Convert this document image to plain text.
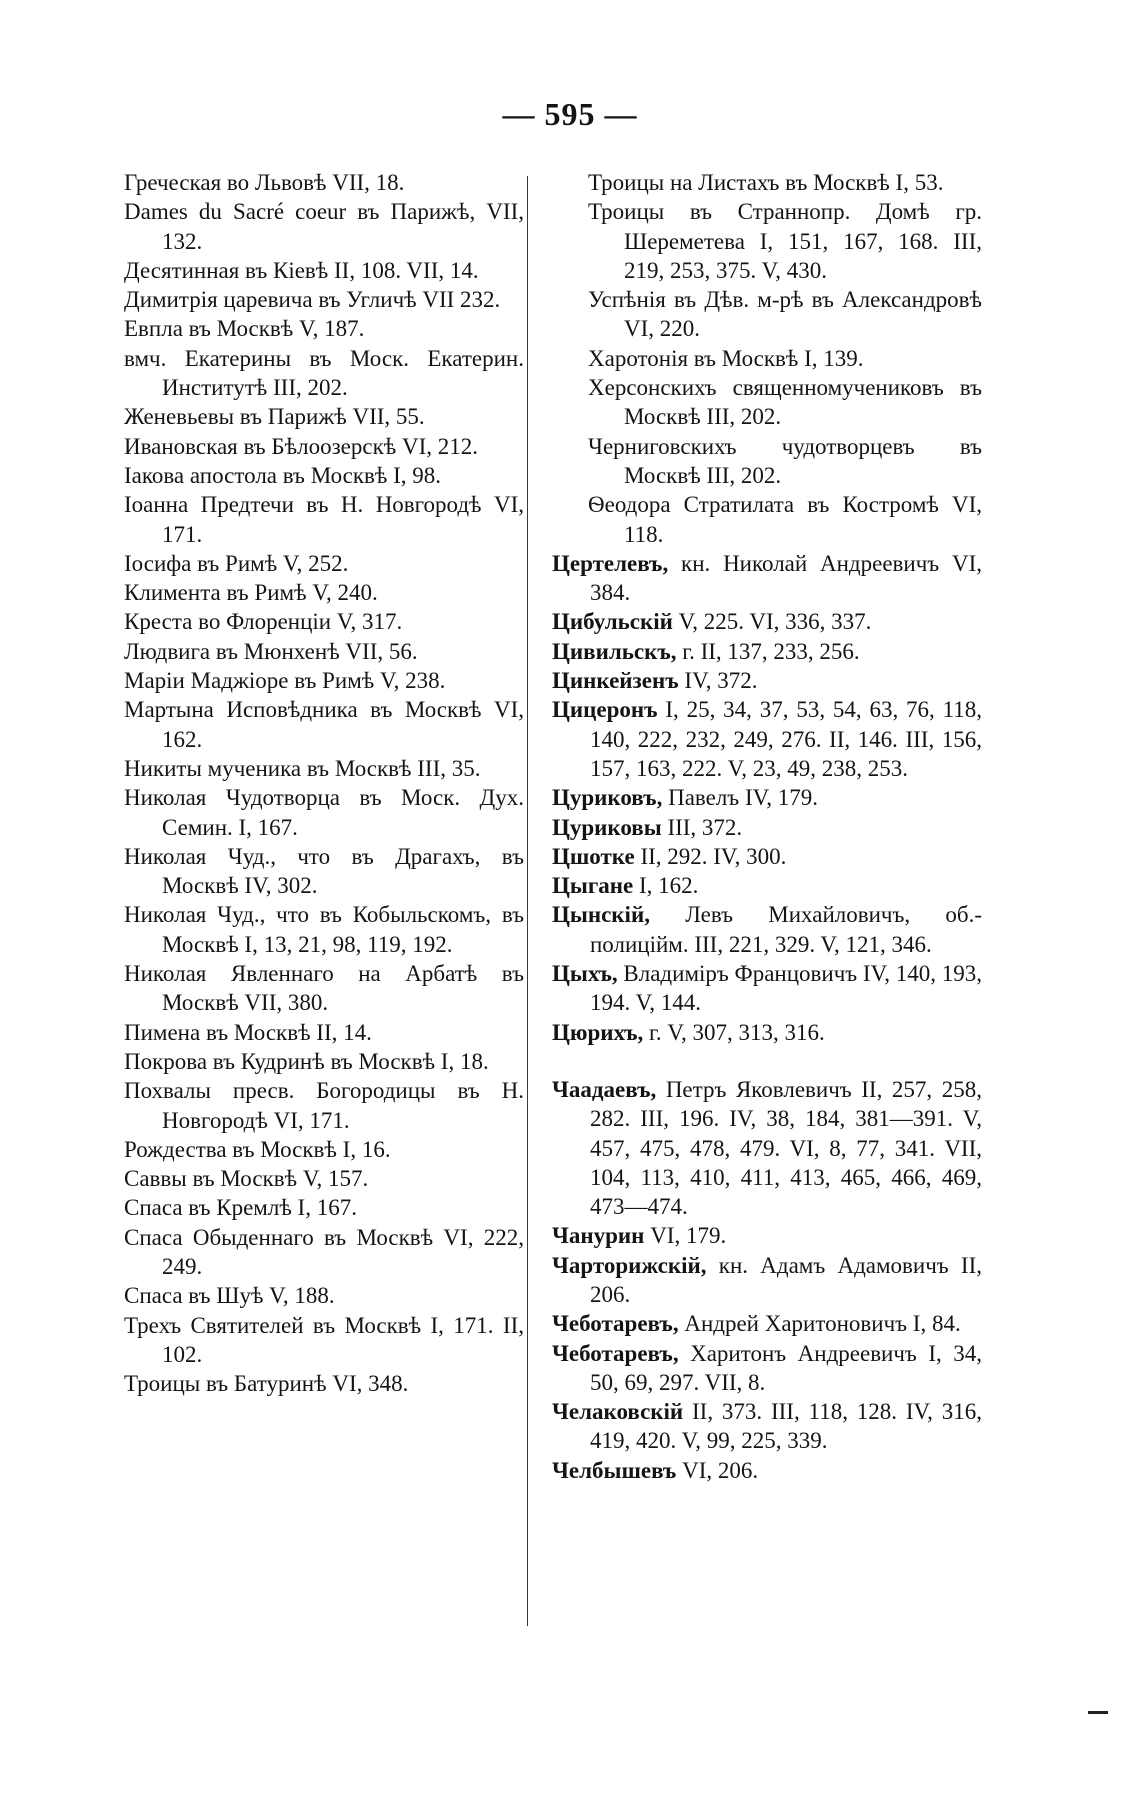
— 595 —
Греческая во Львовѣ VII, 18.
Dames du Sacré coeur въ Парижѣ, VII, 132.
Десятинная въ Кіевѣ II, 108. VII, 14.
Димитрія царевича въ Угличѣ VII 232.
Евпла въ Москвѣ V, 187.
вмч. Екатерины въ Моск. Екатерин. Институтѣ III, 202.
Женевьевы въ Парижѣ VII, 55.
Ивановская въ Бѣлоозерскѣ VI, 212.
Іакова апостола въ Москвѣ I, 98.
Іоанна Предтечи въ Н. Новгородѣ VI, 171.
Іосифа въ Римѣ V, 252.
Климента въ Римѣ V, 240.
Креста во Флоренціи V, 317.
Людвига въ Мюнхенѣ VII, 56.
Маріи Маджіоре въ Римѣ V, 238.
Мартына Исповѣдника въ Москвѣ VI, 162.
Никиты мученика въ Москвѣ III, 35.
Николая Чудотворца въ Моск. Дух. Семин. I, 167.
Николая Чуд., что въ Драгахъ, въ Москвѣ IV, 302.
Николая Чуд., что въ Кобыльскомъ, въ Москвѣ I, 13, 21, 98, 119, 192.
Николая Явленнаго на Арбатѣ въ Москвѣ VII, 380.
Пимена въ Москвѣ II, 14.
Покрова въ Кудринѣ въ Москвѣ I, 18.
Похвалы пресв. Богородицы въ Н. Новгородѣ VI, 171.
Рождества въ Москвѣ I, 16.
Саввы въ Москвѣ V, 157.
Спаса въ Кремлѣ I, 167.
Спаса Обыденнаго въ Москвѣ VI, 222, 249.
Спаса въ Шуѣ V, 188.
Трехъ Святителей въ Москвѣ I, 171. II, 102.
Троицы въ Батуринѣ VI, 348.
Троицы на Листахъ въ Москвѣ I, 53.
Троицы въ Страннопр. Домѣ гр. Шереметева I, 151, 167, 168. III, 219, 253, 375. V, 430.
Успѣнія въ Дѣв. м-рѣ въ Александровѣ VI, 220.
Харотонія въ Москвѣ I, 139.
Херсонскихъ священномучениковъ въ Москвѣ III, 202.
Черниговскихъ чудотворцевъ въ Москвѣ III, 202.
Ѳеодора Стратилата въ Костромѣ VI, 118.
Цертелевъ, кн. Николай Андреевичъ VI, 384.
Цибульскій V, 225. VI, 336, 337.
Цивильскъ, г. II, 137, 233, 256.
Цинкейзенъ IV, 372.
Цицеронъ I, 25, 34, 37, 53, 54, 63, 76, 118, 140, 222, 232, 249, 276. II, 146. III, 156, 157, 163, 222. V, 23, 49, 238, 253.
Цуриковъ, Павелъ IV, 179.
Цуриковы III, 372.
Цшотке II, 292. IV, 300.
Цыгане I, 162.
Цынскій, Левъ Михайловичъ, об.-полиційм. III, 221, 329. V, 121, 346.
Цыхъ, Владиміръ Францовичъ IV, 140, 193, 194. V, 144.
Цюрихъ, г. V, 307, 313, 316.
Чаадаевъ, Петръ Яковлевичъ II, 257, 258, 282. III, 196. IV, 38, 184, 381—391. V, 457, 475, 478, 479. VI, 8, 77, 341. VII, 104, 113, 410, 411, 413, 465, 466, 469, 473—474.
Чанурин VI, 179.
Чарторижскій, кн. Адамъ Адамовичъ II, 206.
Чеботаревъ, Андрей Харитоновичъ I, 84.
Чеботаревъ, Харитонъ Андреевичъ I, 34, 50, 69, 297. VII, 8.
Челаковскій II, 373. III, 118, 128. IV, 316, 419, 420. V, 99, 225, 339.
Челбышевъ VI, 206.
